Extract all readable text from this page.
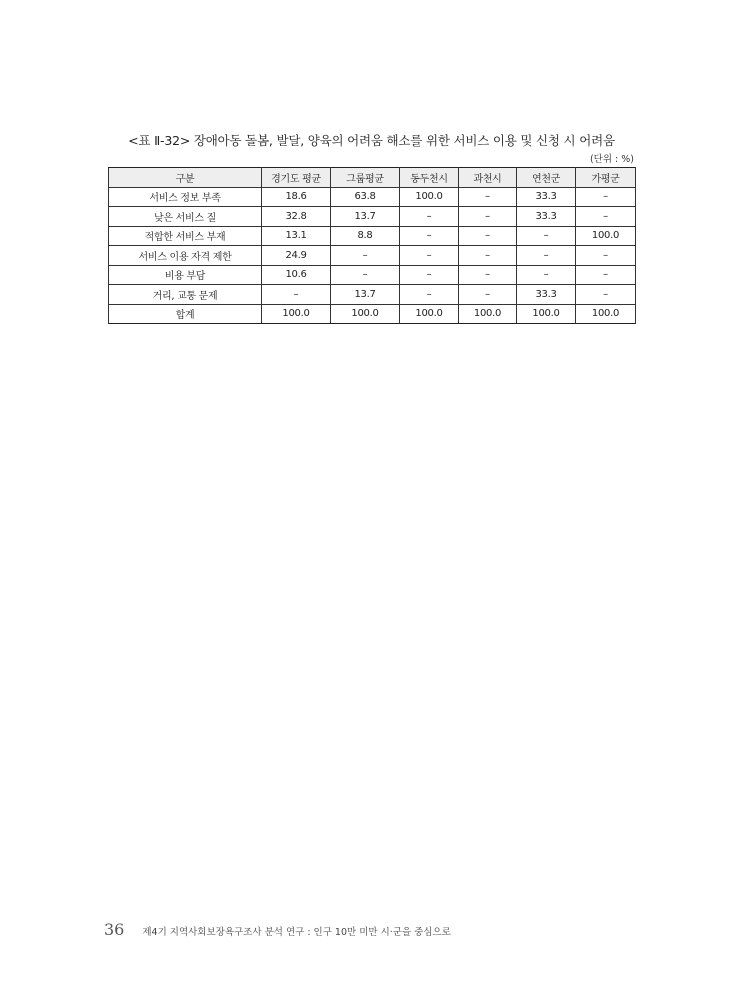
<표 Ⅱ-32> 장애아동 돌봄, 발달, 양육의 어려움 해소를 위한 서비스 이용 및 신청 시 어려움
(단위 : %)
구분	경기도 평균	그룹평균	동두천시	과천시	연천군	가평군
서비스 정보 부족	18.6	63.8	100.0	–	33.3	–
낮은 서비스 질	32.8	13.7	–	–	33.3	–
적합한 서비스 부재	13.1	8.8	–	–	–	100.0
서비스 이용 자격 제한	24.9	–	–	–	–	–
비용 부담	10.6	–	–	–	–	–
거리, 교통 문제	–	13.7	–	–	33.3	–
합계	100.0	100.0	100.0	100.0	100.0	100.0
36 제4기 지역사회보장욕구조사 분석 연구 : 인구 10만 미만 시·군을 중심으로
